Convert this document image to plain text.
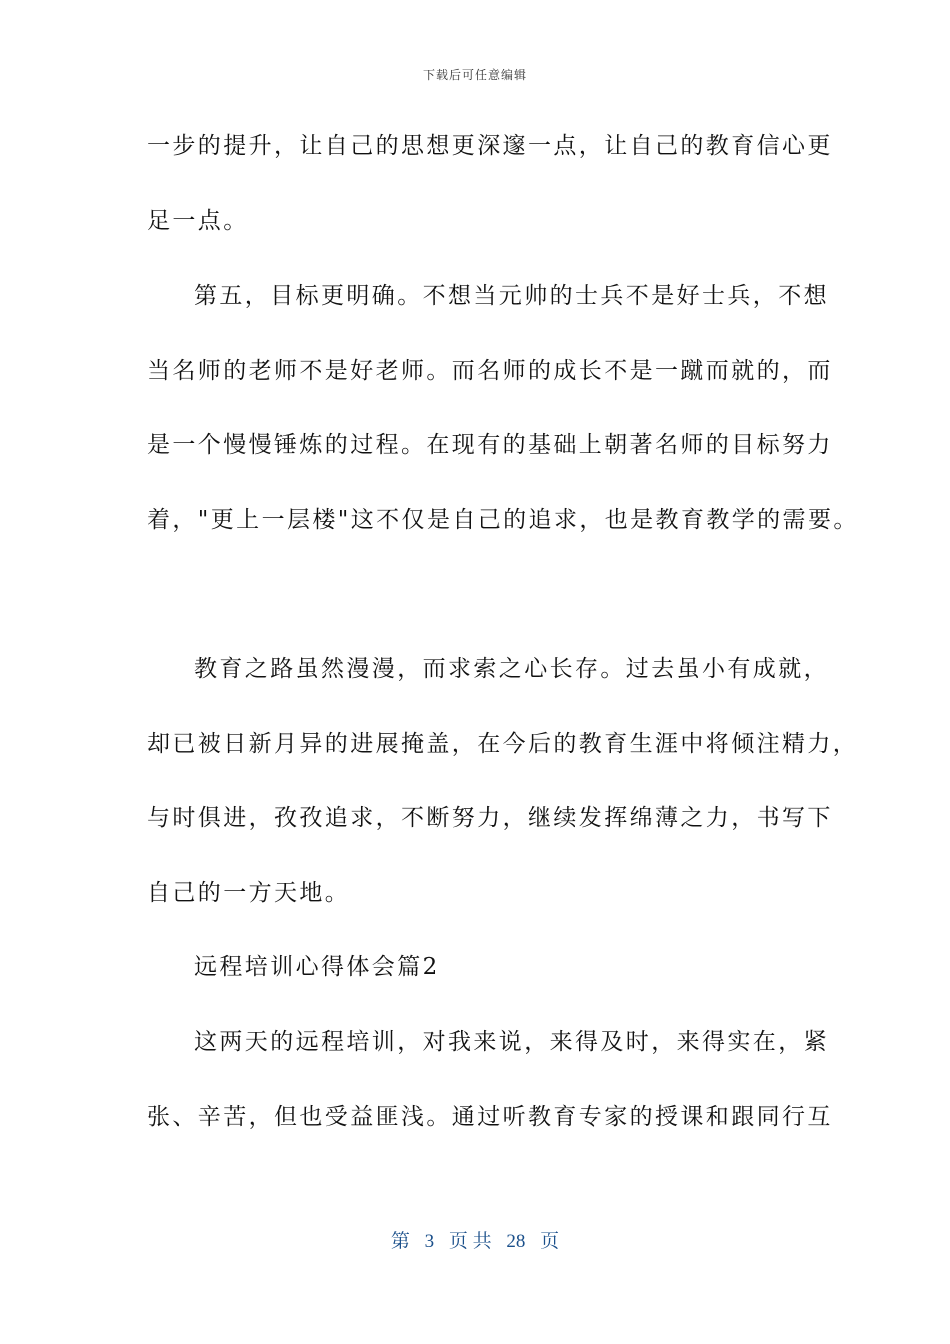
下载后可任意编辑
一步的提升，让自己的思想更深邃一点，让自己的教育信心更
足一点。
第五，目标更明确。不想当元帅的士兵不是好士兵，不想
当名师的老师不是好老师。而名师的成长不是一蹴而就的，而
是一个慢慢锤炼的过程。在现有的基础上朝著名师的目标努力
着，"更上一层楼"这不仅是自己的追求，也是教育教学的需要。
教育之路虽然漫漫，而求索之心长存。过去虽小有成就，
却已被日新月异的进展掩盖，在今后的教育生涯中将倾注精力，
与时俱进，孜孜追求，不断努力，继续发挥绵薄之力，书写下
自己的一方天地。
远程培训心得体会篇2
这两天的远程培训，对我来说，来得及时，来得实在，紧
张、辛苦，但也受益匪浅。通过听教育专家的授课和跟同行互
第 3 页 共 28 页
